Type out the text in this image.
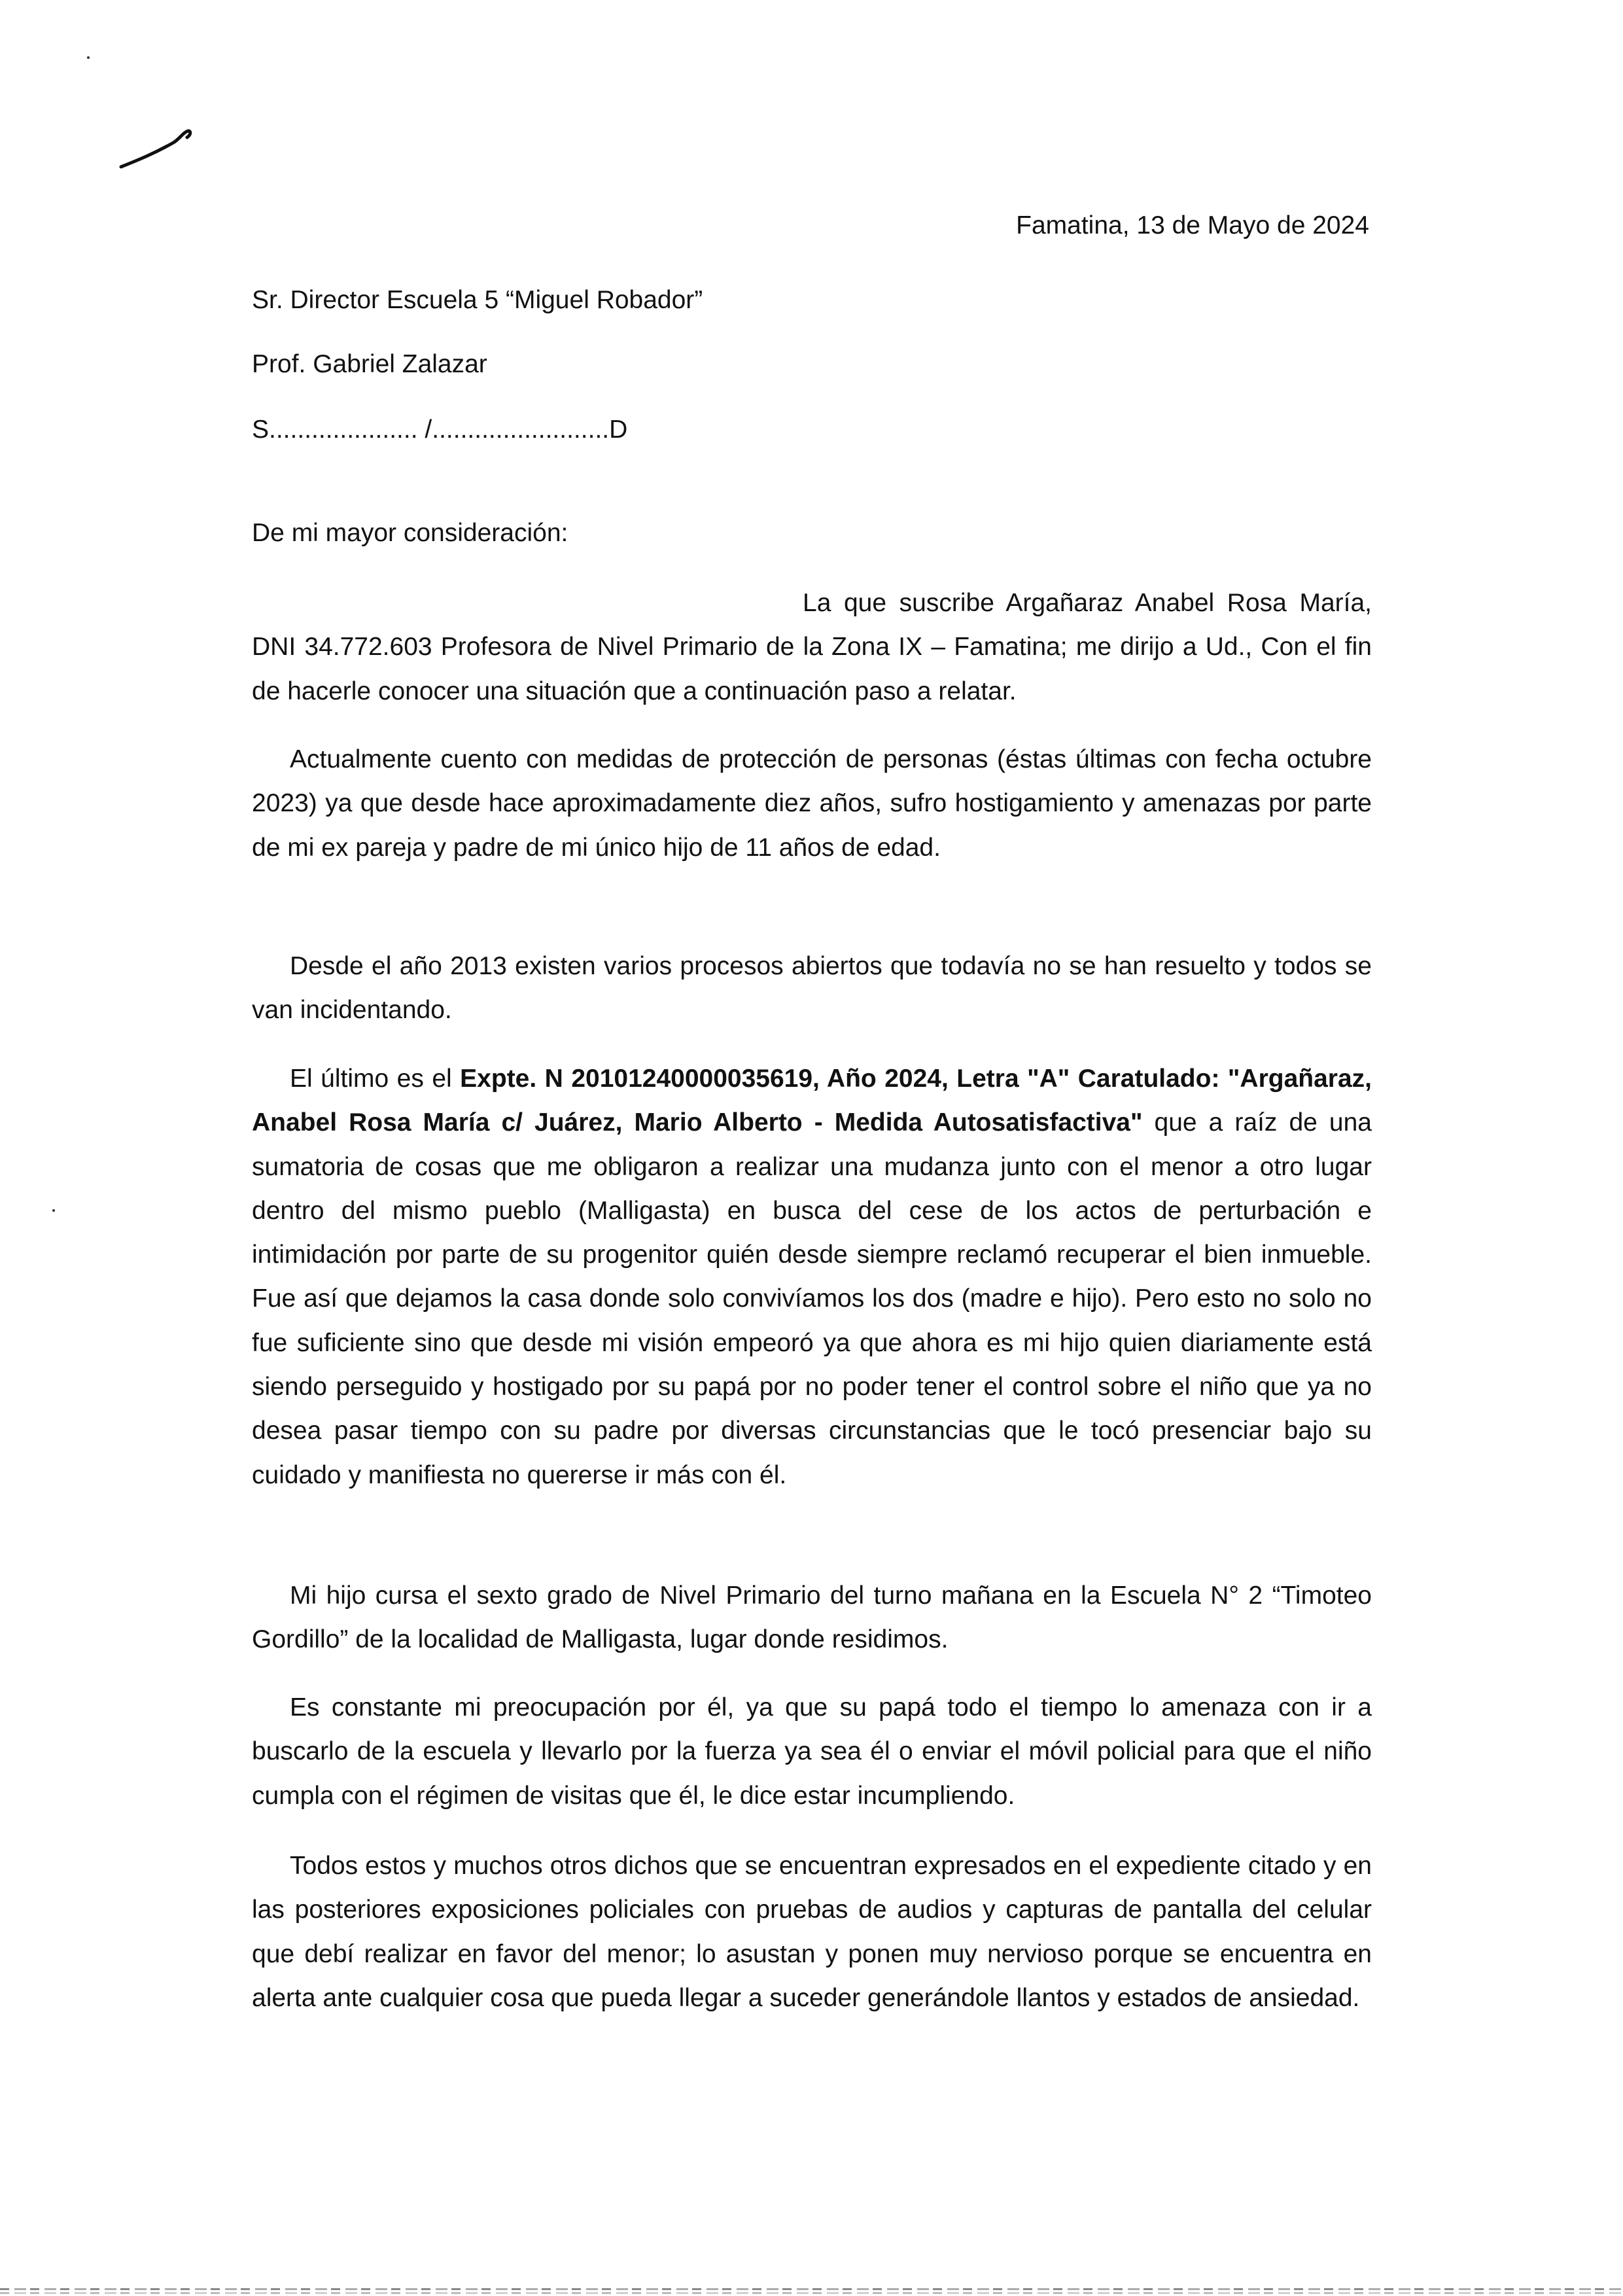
Famatina, 13 de Mayo de 2024
Sr. Director Escuela 5 “Miguel Robador”
Prof. Gabriel Zalazar
S..................... /.........................D
De mi mayor consideración:

La que suscribe Argañaraz Anabel Rosa María, DNI 34.772.603 Profesora de Nivel Primario de la Zona IX – Famatina; me dirijo a Ud., Con el fin de hacerle conocer una situación que a continuación paso a relatar.

Actualmente cuento con medidas de protección de personas (éstas últimas con fecha octubre 2023) ya que desde hace aproximadamente diez años, sufro hostigamiento y amenazas por parte de mi ex pareja y padre de mi único hijo de 11 años de edad.

Desde el año 2013 existen varios procesos abiertos que todavía no se han resuelto y todos se van incidentando.

El último es el Expte. N 20101240000035619, Año 2024, Letra "A" Caratulado: "Argañaraz, Anabel Rosa María c/ Juárez, Mario Alberto - Medida Autosatisfactiva" que a raíz de una sumatoria de cosas que me obligaron a realizar una mudanza junto con el menor a otro lugar dentro del mismo pueblo (Malligasta) en busca del cese de los actos de perturbación e intimidación por parte de su progenitor quién desde siempre reclamó recuperar el bien inmueble. Fue así que dejamos la casa donde solo convivíamos los dos (madre e hijo). Pero esto no solo no fue suficiente sino que desde mi visión empeoró ya que ahora es mi hijo quien diariamente está siendo perseguido y hostigado por su papá por no poder tener el control sobre el niño que ya no desea pasar tiempo con su padre por diversas circunstancias que le tocó presenciar bajo su cuidado y manifiesta no quererse ir más con él.

Mi hijo cursa el sexto grado de Nivel Primario del turno mañana en la Escuela N° 2 “Timoteo Gordillo” de la localidad de Malligasta, lugar donde residimos.

Es constante mi preocupación por él, ya que su papá todo el tiempo lo amenaza con ir a buscarlo de la escuela y llevarlo por la fuerza ya sea él o enviar el móvil policial para que el niño cumpla con el régimen de visitas que él, le dice estar incumpliendo.

Todos estos y muchos otros dichos que se encuentran expresados en el expediente citado y en las posteriores exposiciones policiales con pruebas de audios y capturas de pantalla del celular que debí realizar en favor del menor; lo asustan y ponen muy nervioso porque se encuentra en alerta ante cualquier cosa que pueda llegar a suceder generándole llantos y estados de ansiedad.
